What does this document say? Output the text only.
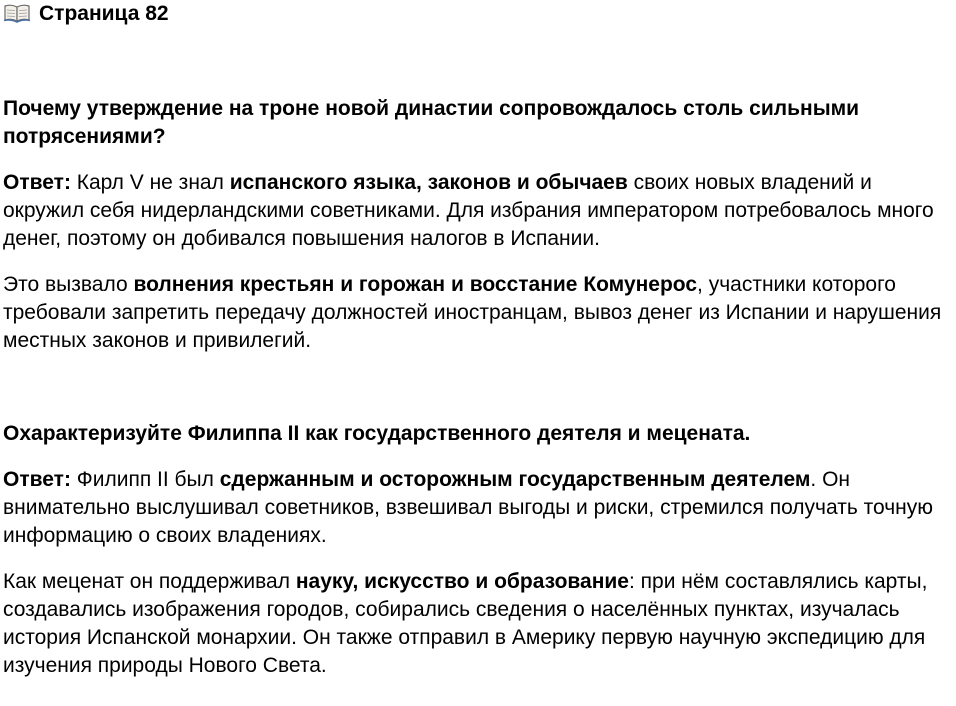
Страница 82

Почему утверждение на троне новой династии сопровождалось столь сильными потрясениями?

Ответ: Карл V не знал испанского языка, законов и обычаев своих новых владений и окружил себя нидерландскими советниками. Для избрания императором потребовалось много денег, поэтому он добивался повышения налогов в Испании.

Это вызвало волнения крестьян и горожан и восстание Комунерос, участники которого требовали запретить передачу должностей иностранцам, вывоз денег из Испании и нарушения местных законов и привилегий.

Охарактеризуйте Филиппа II как государственного деятеля и мецената.

Ответ: Филипп II был сдержанным и осторожным государственным деятелем. Он внимательно выслушивал советников, взвешивал выгоды и риски, стремился получать точную информацию о своих владениях.

Как меценат он поддерживал науку, искусство и образование: при нём составлялись карты, создавались изображения городов, собирались сведения о населённых пунктах, изучалась история Испанской монархии. Он также отправил в Америку первую научную экспедицию для изучения природы Нового Света.
